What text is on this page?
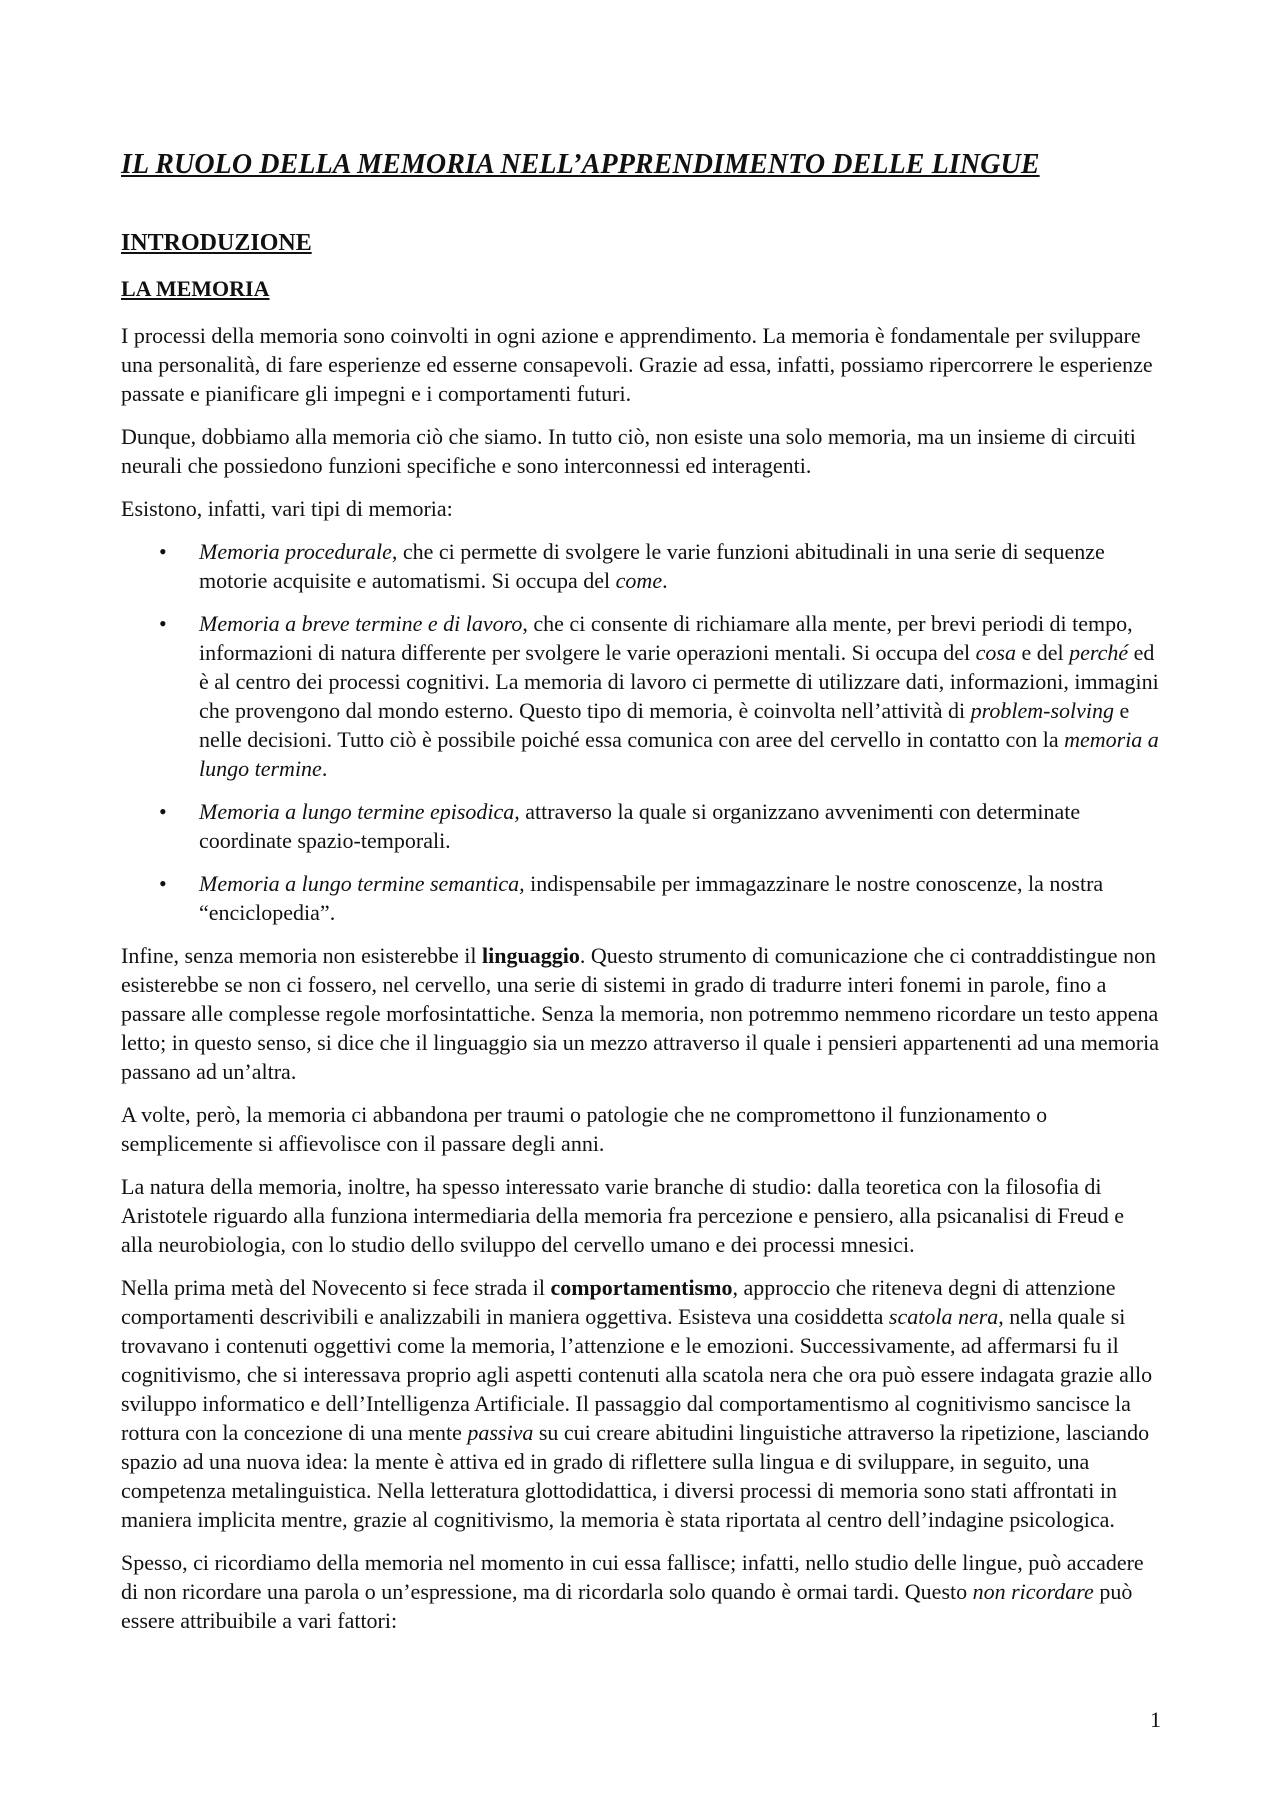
IL RUOLO DELLA MEMORIA NELL’APPRENDIMENTO DELLE LINGUE
INTRODUZIONE
LA MEMORIA

I processi della memoria sono coinvolti in ogni azione e apprendimento. La memoria è fondamentale per sviluppare una personalità, di fare esperienze ed esserne consapevoli. Grazie ad essa, infatti, possiamo ripercorrere le esperienze passate e pianificare gli impegni e i comportamenti futuri.

Dunque, dobbiamo alla memoria ciò che siamo. In tutto ciò, non esiste una solo memoria, ma un insieme di circuiti neurali che possiedono funzioni specifiche e sono interconnessi ed interagenti.

Esistono, infatti, vari tipi di memoria:

• Memoria procedurale, che ci permette di svolgere le varie funzioni abitudinali in una serie di sequenze motorie acquisite e automatismi. Si occupa del come.
• Memoria a breve termine e di lavoro, che ci consente di richiamare alla mente, per brevi periodi di tempo, informazioni di natura differente per svolgere le varie operazioni mentali. Si occupa del cosa e del perché ed è al centro dei processi cognitivi. La memoria di lavoro ci permette di utilizzare dati, informazioni, immagini che provengono dal mondo esterno. Questo tipo di memoria, è coinvolta nell’attività di problem-solving e nelle decisioni. Tutto ciò è possibile poiché essa comunica con aree del cervello in contatto con la memoria a lungo termine.
• Memoria a lungo termine episodica, attraverso la quale si organizzano avvenimenti con determinate coordinate spazio-temporali.
• Memoria a lungo termine semantica, indispensabile per immagazzinare le nostre conoscenze, la nostra “enciclopedia”.

Infine, senza memoria non esisterebbe il linguaggio. Questo strumento di comunicazione che ci contraddistingue non esisterebbe se non ci fossero, nel cervello, una serie di sistemi in grado di tradurre interi fonemi in parole, fino a passare alle complesse regole morfosintattiche. Senza la memoria, non potremmo nemmeno ricordare un testo appena letto; in questo senso, si dice che il linguaggio sia un mezzo attraverso il quale i pensieri appartenenti ad una memoria passano ad un’altra.

A volte, però, la memoria ci abbandona per traumi o patologie che ne compromettono il funzionamento o semplicemente si affievolisce con il passare degli anni.

La natura della memoria, inoltre, ha spesso interessato varie branche di studio: dalla teoretica con la filosofia di Aristotele riguardo alla funziona intermediaria della memoria fra percezione e pensiero, alla psicanalisi di Freud e alla neurobiologia, con lo studio dello sviluppo del cervello umano e dei processi mnesici.

Nella prima metà del Novecento si fece strada il comportamentismo, approccio che riteneva degni di attenzione comportamenti descrivibili e analizzabili in maniera oggettiva. Esisteva una cosiddetta scatola nera, nella quale si trovavano i contenuti oggettivi come la memoria, l’attenzione e le emozioni. Successivamente, ad affermarsi fu il cognitivismo, che si interessava proprio agli aspetti contenuti alla scatola nera che ora può essere indagata grazie allo sviluppo informatico e dell’Intelligenza Artificiale. Il passaggio dal comportamentismo al cognitivismo sancisce la rottura con la concezione di una mente passiva su cui creare abitudini linguistiche attraverso la ripetizione, lasciando spazio ad una nuova idea: la mente è attiva ed in grado di riflettere sulla lingua e di sviluppare, in seguito, una competenza metalinguistica. Nella letteratura glottodidattica, i diversi processi di memoria sono stati affrontati in maniera implicita mentre, grazie al cognitivismo, la memoria è stata riportata al centro dell’indagine psicologica.

Spesso, ci ricordiamo della memoria nel momento in cui essa fallisce; infatti, nello studio delle lingue, può accadere di non ricordare una parola o un’espressione, ma di ricordarla solo quando è ormai tardi. Questo non ricordare può essere attribuibile a vari fattori:

1
